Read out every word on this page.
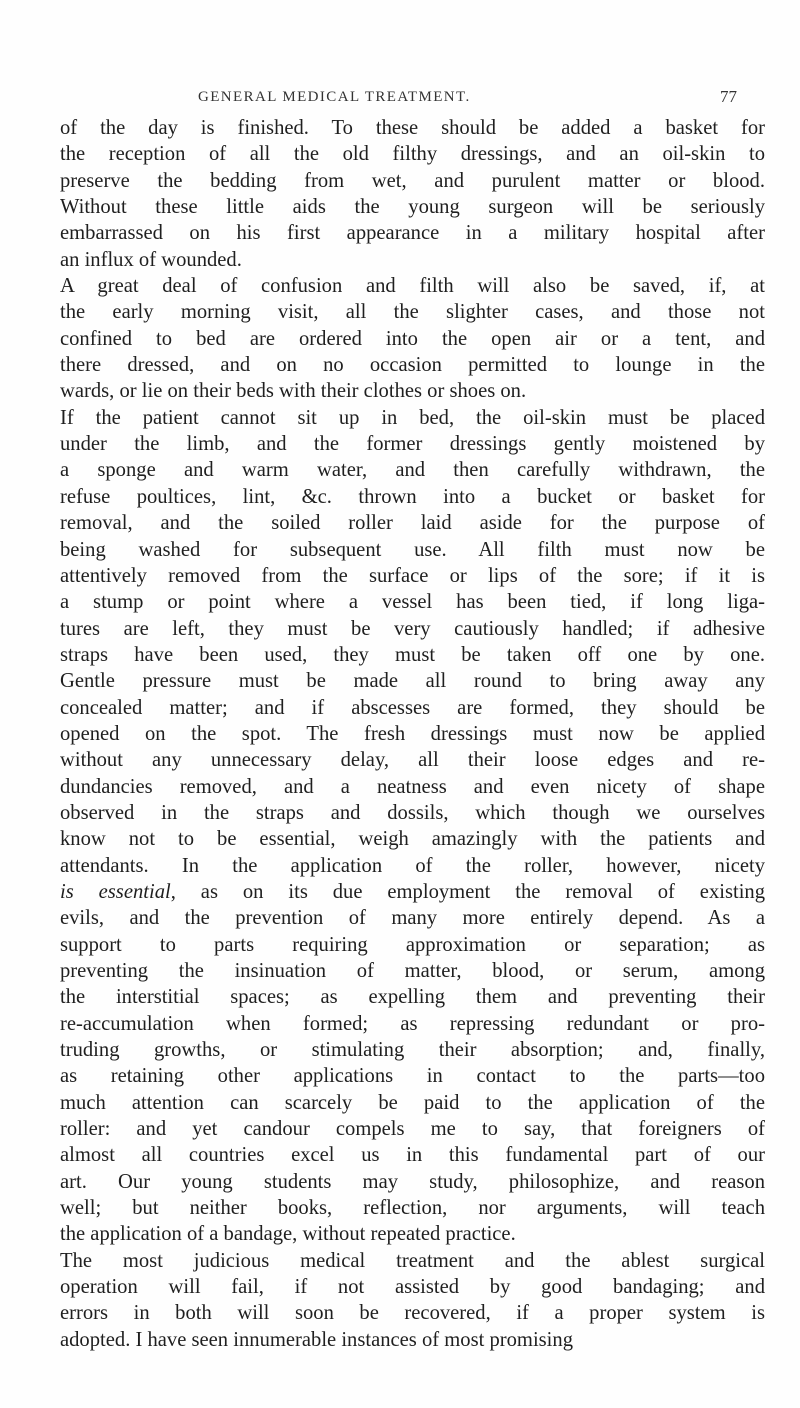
GENERAL MEDICAL TREATMENT.	77
of the day is finished. To these should be added a basket for
the reception of all the old filthy dressings, and an oil-skin to
preserve the bedding from wet, and purulent matter or blood.
Without these little aids the young surgeon will be seriously
embarrassed on his first appearance in a military hospital after
an influx of wounded.
A great deal of confusion and filth will also be saved, if, at
the early morning visit, all the slighter cases, and those not
confined to bed are ordered into the open air or a tent, and
there dressed, and on no occasion permitted to lounge in the
wards, or lie on their beds with their clothes or shoes on.
If the patient cannot sit up in bed, the oil-skin must be placed
under the limb, and the former dressings gently moistened by
a sponge and warm water, and then carefully withdrawn, the
refuse poultices, lint, &c. thrown into a bucket or basket for
removal, and the soiled roller laid aside for the purpose of
being washed for subsequent use. All filth must now be
attentively removed from the surface or lips of the sore; if it is
a stump or point where a vessel has been tied, if long liga-
tures are left, they must be very cautiously handled; if adhesive
straps have been used, they must be taken off one by one.
Gentle pressure must be made all round to bring away any
concealed matter; and if abscesses are formed, they should be
opened on the spot. The fresh dressings must now be applied
without any unnecessary delay, all their loose edges and re-
dundancies removed, and a neatness and even nicety of shape
observed in the straps and dossils, which though we ourselves
know not to be essential, weigh amazingly with the patients and
attendants. In the application of the roller, however, nicety
is essential, as on its due employment the removal of existing
evils, and the prevention of many more entirely depend. As a
support to parts requiring approximation or separation; as
preventing the insinuation of matter, blood, or serum, among
the interstitial spaces; as expelling them and preventing their
re-accumulation when formed; as repressing redundant or pro-
truding growths, or stimulating their absorption; and, finally,
as retaining other applications in contact to the parts—too
much attention can scarcely be paid to the application of the
roller: and yet candour compels me to say, that foreigners of
almost all countries excel us in this fundamental part of our
art. Our young students may study, philosophize, and reason
well; but neither books, reflection, nor arguments, will teach
the application of a bandage, without repeated practice.
The most judicious medical treatment and the ablest surgical
operation will fail, if not assisted by good bandaging; and
errors in both will soon be recovered, if a proper system is
adopted. I have seen innumerable instances of most promising
